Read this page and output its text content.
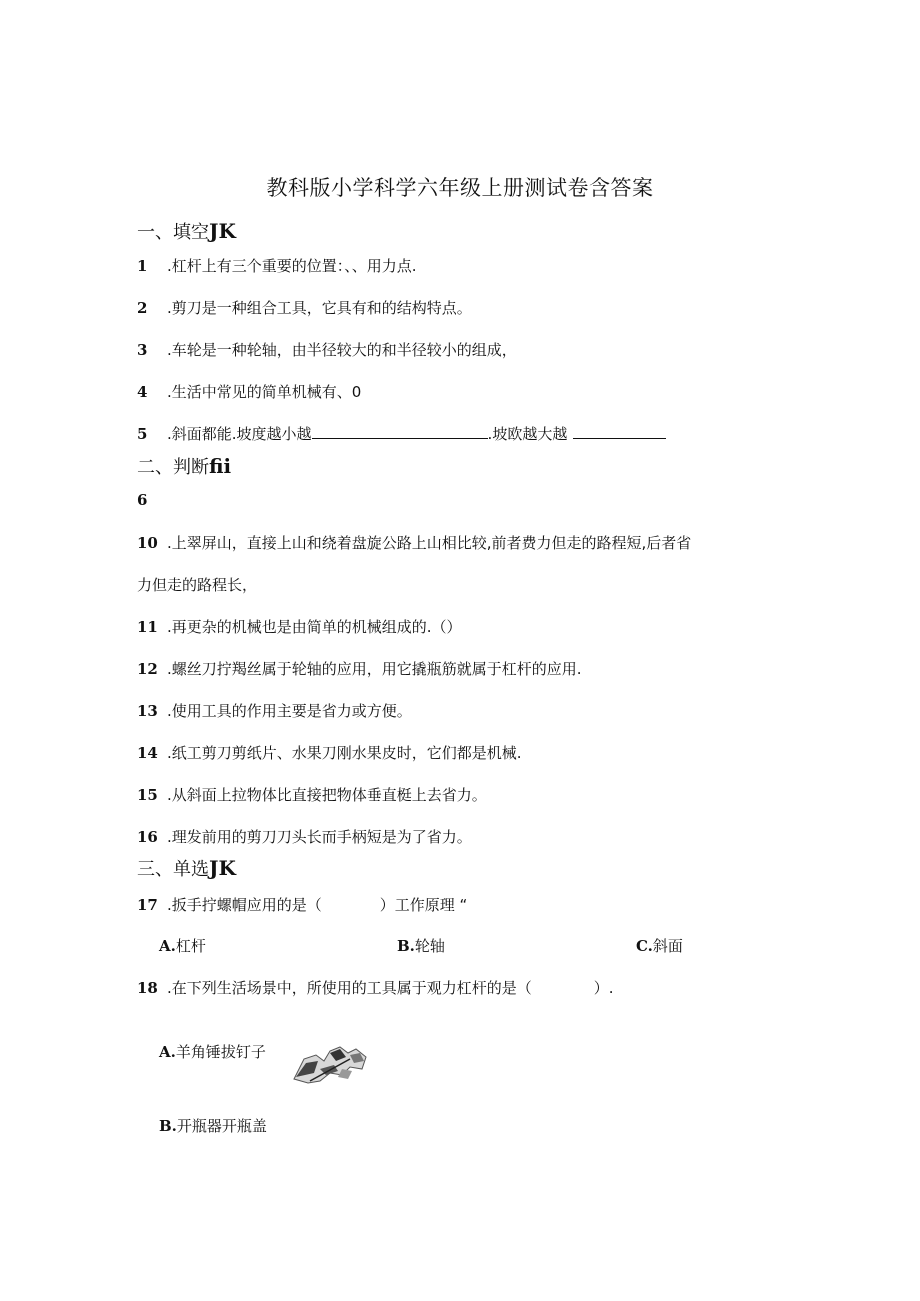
教科版小学科学六年级上册测试卷含答案
一、填空JK
1 .杠杆上有三个重要的位置：、、用力点.
2 .剪刀是一种组合工具，它具有和的结构特点。
3 .车轮是一种轮轴，由半径较大的和半径较小的组成，
4 .生活中常见的简单机械有、0
5 .斜面都能.坡度越小越	.坡欧越大越
二、判断fii
6
10 .上翠屏山，直接上山和绕着盘旋公路上山相比较,前者费力但走的路程短,后者省
力但走的路程长，
11 .再更杂的机械也是由简单的机械组成的.（）
12 .螺丝刀拧羯丝属于轮轴的应用，用它撬瓶筋就属于杠杆的应用.
13 .使用工具的作用主要是省力或方便。
14 .纸工剪刀剪纸片、水果刀刚水果皮时，它们都是机械.
15 .从斜面上拉物体比直接把物体垂直梃上去省力。
16 .理发前用的剪刀刀头长而手柄短是为了省力。
三、单选JK
17 .扳手拧螺帽应用的是（	）工作原理 “
A.杠杆	B.轮轴	C.斜面
18 .在下列生活场景中，所使用的工具属于观力杠杆的是（	）.
A.羊角锤拔钉子
B.开瓶器开瓶盖
